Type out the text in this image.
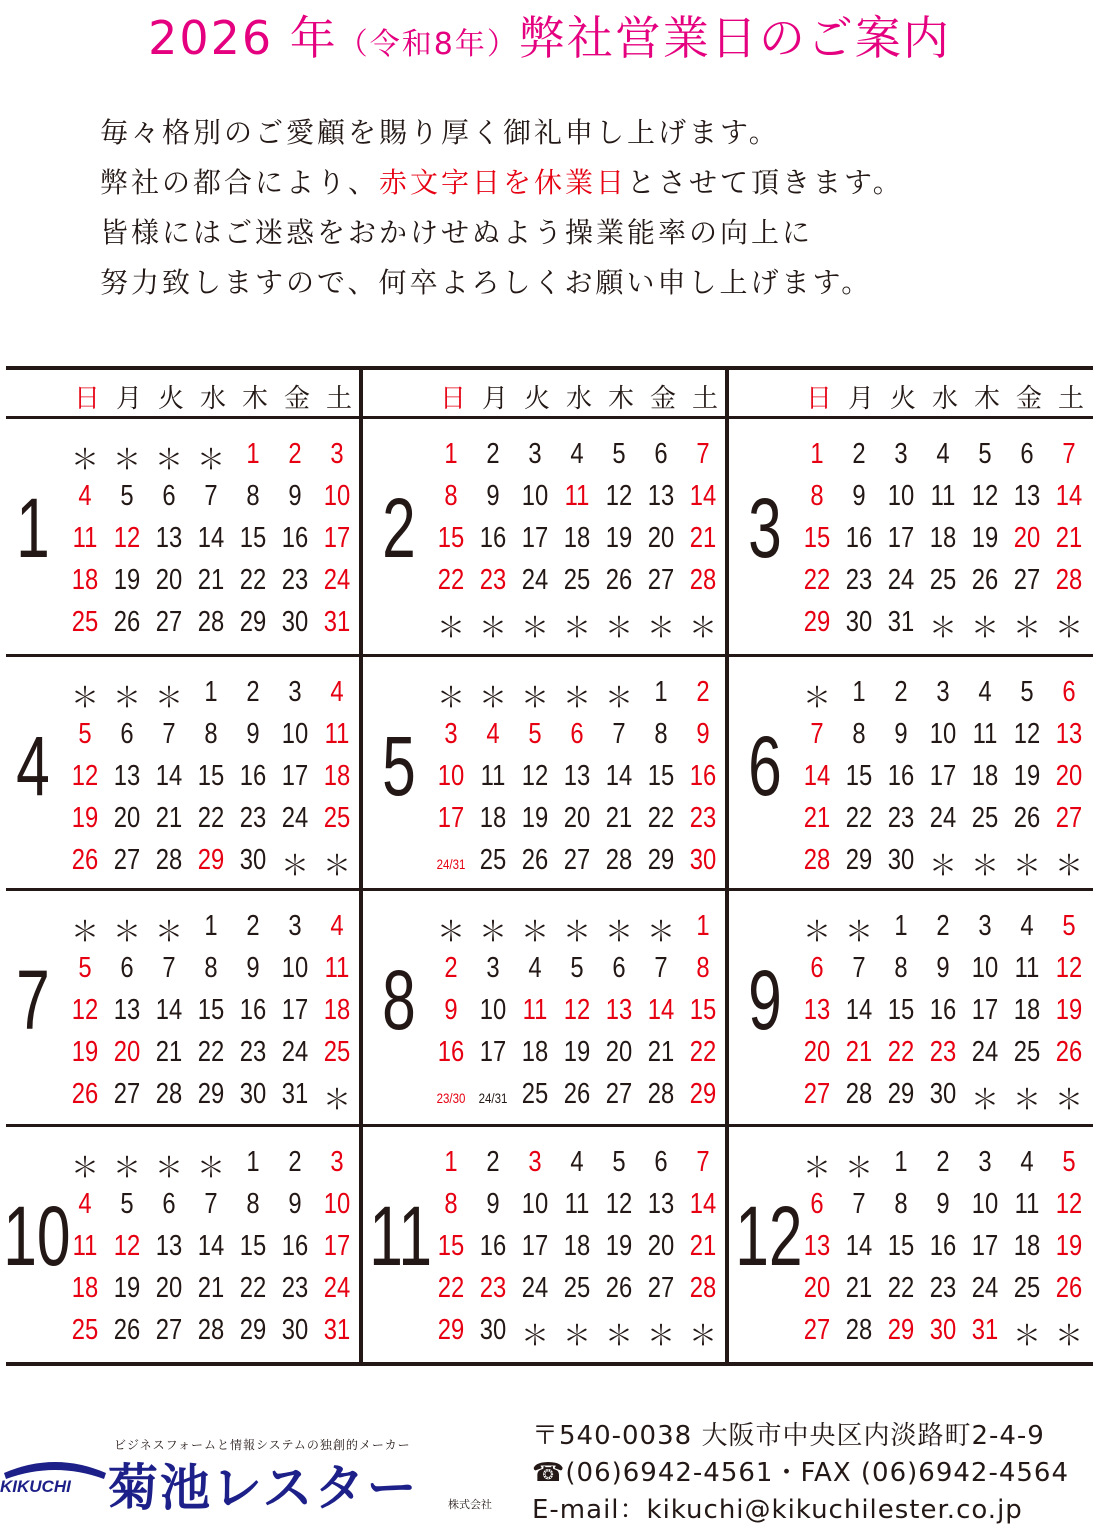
2026 年（令和8年）弊社営業日のご案内
毎々格別のご愛顧を賜り厚く御礼申し上げます。
弊社の都合により、赤文字日を休業日とさせて頂きます。
皆様にはご迷惑をおかけせぬよう操業能率の向上に
努力致しますので、何卒よろしくお願い申し上げます。
日 月 火 水 木 金 土	日 月 火 水 木 金 土	日 月 火 水 木 金 土
1
＊ ＊ ＊ ＊ 1 2 3
4 5 6 7 8 9 10
11 12 13 14 15 16 17
18 19 20 21 22 23 24
25 26 27 28 29 30 31
2
1 2 3 4 5 6 7
8 9 10 11 12 13 14
15 16 17 18 19 20 21
22 23 24 25 26 27 28
＊ ＊ ＊ ＊ ＊ ＊ ＊
3
1 2 3 4 5 6 7
8 9 10 11 12 13 14
15 16 17 18 19 20 21
22 23 24 25 26 27 28
29 30 31 ＊ ＊ ＊ ＊
4
＊ ＊ ＊ 1 2 3 4
5 6 7 8 9 10 11
12 13 14 15 16 17 18
19 20 21 22 23 24 25
26 27 28 29 30 ＊ ＊
5
＊ ＊ ＊ ＊ ＊ 1 2
3 4 5 6 7 8 9
10 11 12 13 14 15 16
17 18 19 20 21 22 23
24/31 25 26 27 28 29 30
6
＊ 1 2 3 4 5 6
7 8 9 10 11 12 13
14 15 16 17 18 19 20
21 22 23 24 25 26 27
28 29 30 ＊ ＊ ＊ ＊
7
＊ ＊ ＊ 1 2 3 4
5 6 7 8 9 10 11
12 13 14 15 16 17 18
19 20 21 22 23 24 25
26 27 28 29 30 31 ＊
8
＊ ＊ ＊ ＊ ＊ ＊ 1
2 3 4 5 6 7 8
9 10 11 12 13 14 15
16 17 18 19 20 21 22
23/30 24/31 25 26 27 28 29
9
＊ ＊ 1 2 3 4 5
6 7 8 9 10 11 12
13 14 15 16 17 18 19
20 21 22 23 24 25 26
27 28 29 30 ＊ ＊ ＊
10
＊ ＊ ＊ ＊ 1 2 3
4 5 6 7 8 9 10
11 12 13 14 15 16 17
18 19 20 21 22 23 24
25 26 27 28 29 30 31
11
1 2 3 4 5 6 7
8 9 10 11 12 13 14
15 16 17 18 19 20 21
22 23 24 25 26 27 28
29 30 ＊ ＊ ＊ ＊ ＊
12
＊ ＊ 1 2 3 4 5
6 7 8 9 10 11 12
13 14 15 16 17 18 19
20 21 22 23 24 25 26
27 28 29 30 31 ＊ ＊
ビジネスフォームと情報システムの独創的メーカー
KIKUCHI 菊池レスター	株式会社
〒540-0038 大阪市中央区内淡路町2-4-9
☎(06)6942-4561・FAX (06)6942-4564
E-mail：kikuchi@kikuchilester.co.jp
